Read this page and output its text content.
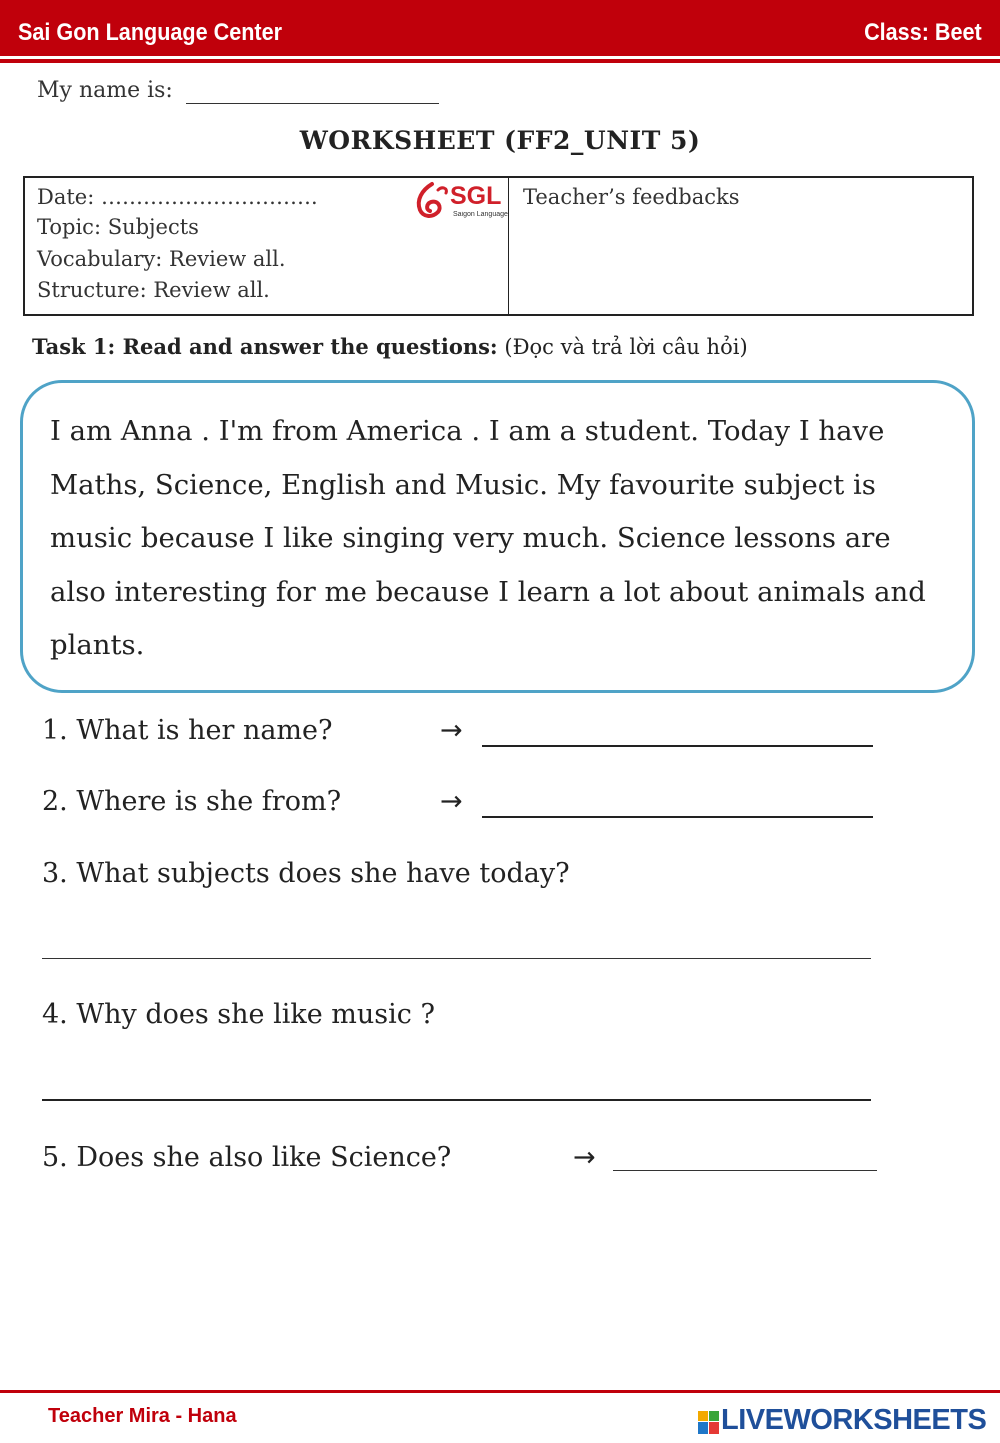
Sai Gon Language Center	Class: Beet
My name is:
WORKSHEET (FF2_UNIT 5)
Date: ………………………….
Topic: Subjects
Vocabulary: Review all.
Structure: Review all.
Teacher’s feedbacks
SGL
Saigon Language
Task 1: Read and answer the questions: (Đọc và trả lời câu hỏi)
I am Anna . I'm from America . I am a student. Today I have
Maths, Science, English and Music. My favourite subject is
music because I like singing very much. Science lessons are
also interesting for me because I learn a lot about animals and
plants.
1. What is her name?	→
2. Where is she from?	→
3. What subjects does she have today?
4. Why does she like music ?
5. Does she also like Science?	→
Teacher Mira - Hana	LIVEWORKSHEETS
